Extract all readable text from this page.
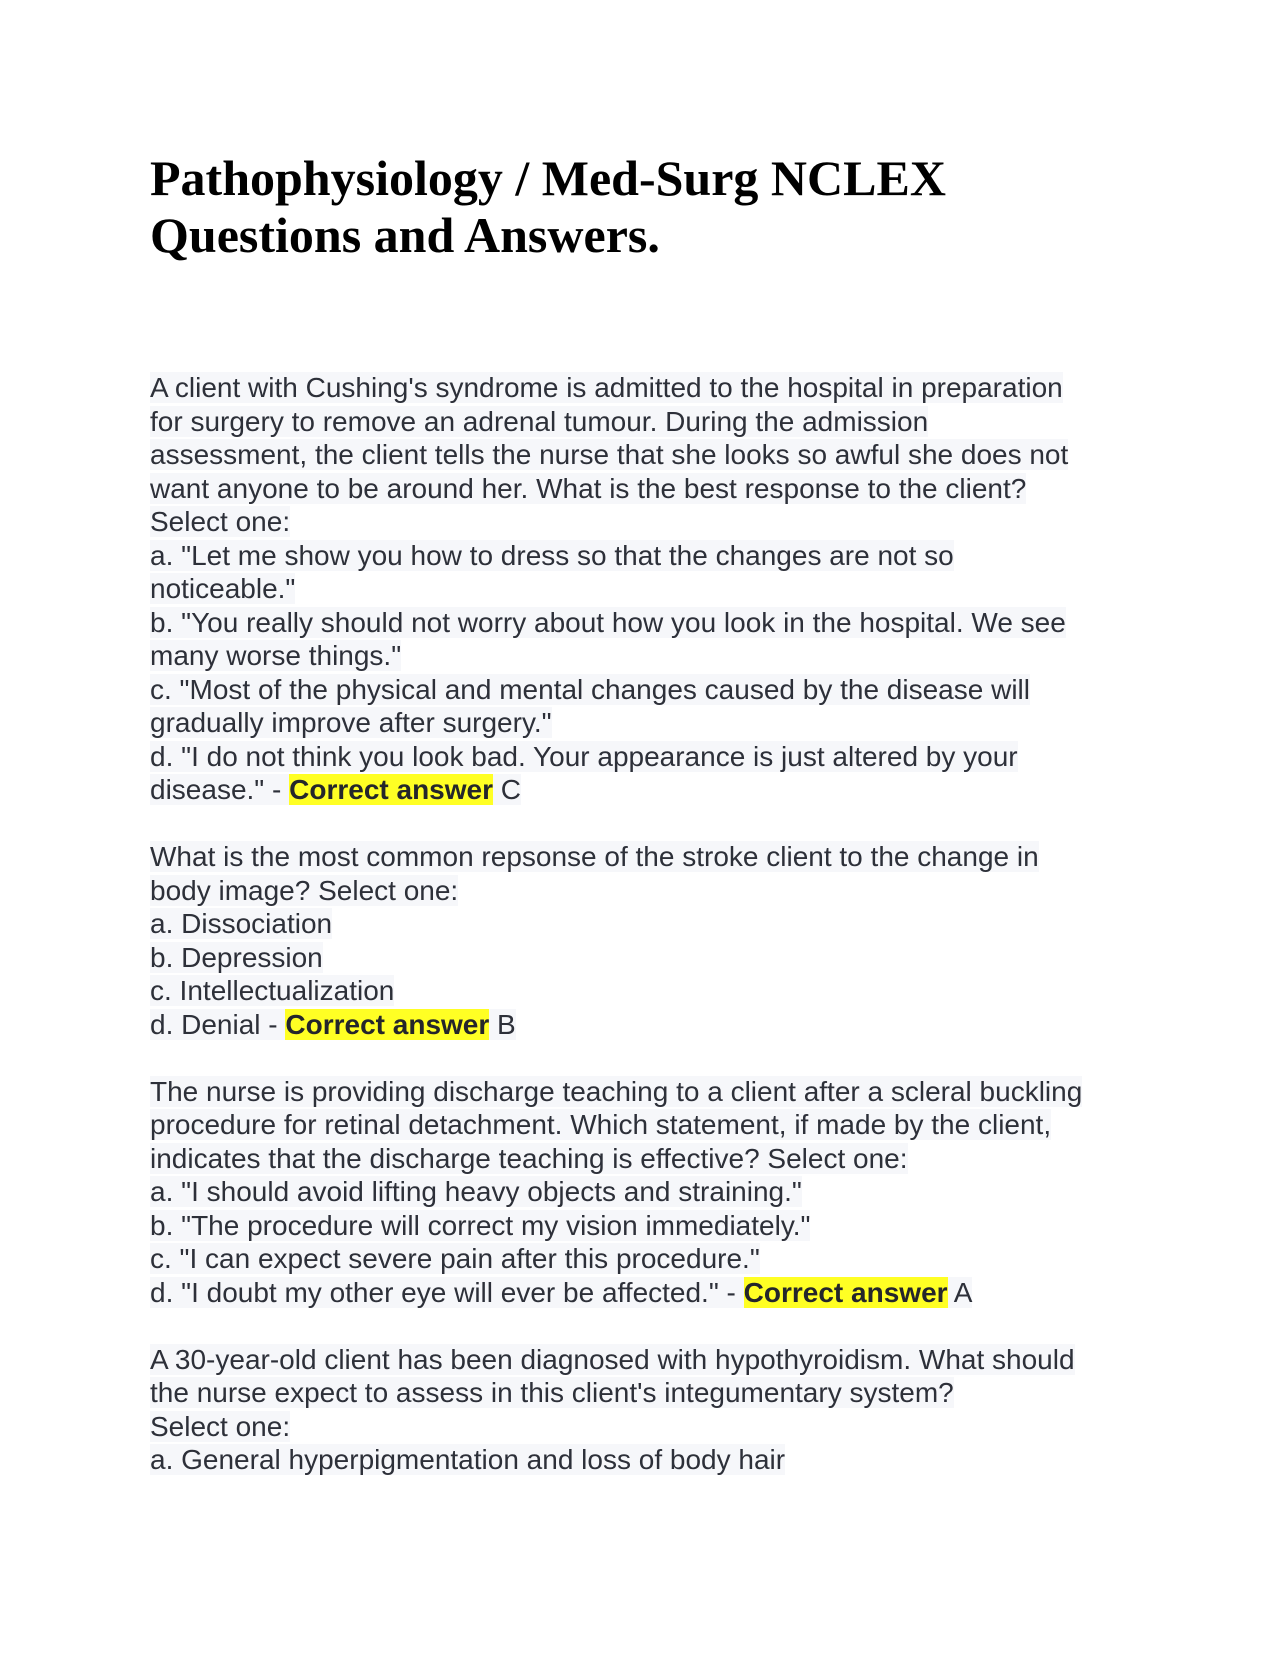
Pathophysiology / Med-Surg NCLEX
Questions and Answers.
A client with Cushing's syndrome is admitted to the hospital in preparation
for surgery to remove an adrenal tumour. During the admission
assessment, the client tells the nurse that she looks so awful she does not
want anyone to be around her. What is the best response to the client?
Select one:
a. "Let me show you how to dress so that the changes are not so
noticeable."
b. "You really should not worry about how you look in the hospital. We see
many worse things."
c. "Most of the physical and mental changes caused by the disease will
gradually improve after surgery."
d. "I do not think you look bad. Your appearance is just altered by your
disease." - Correct answer C
What is the most common repsonse of the stroke client to the change in
body image? Select one:
a. Dissociation
b. Depression
c. Intellectualization
d. Denial - Correct answer B
The nurse is providing discharge teaching to a client after a scleral buckling
procedure for retinal detachment. Which statement, if made by the client,
indicates that the discharge teaching is effective? Select one:
a. "I should avoid lifting heavy objects and straining."
b. "The procedure will correct my vision immediately."
c. "I can expect severe pain after this procedure."
d. "I doubt my other eye will ever be affected." - Correct answer A
A 30-year-old client has been diagnosed with hypothyroidism. What should
the nurse expect to assess in this client's integumentary system?
Select one:
a. General hyperpigmentation and loss of body hair
